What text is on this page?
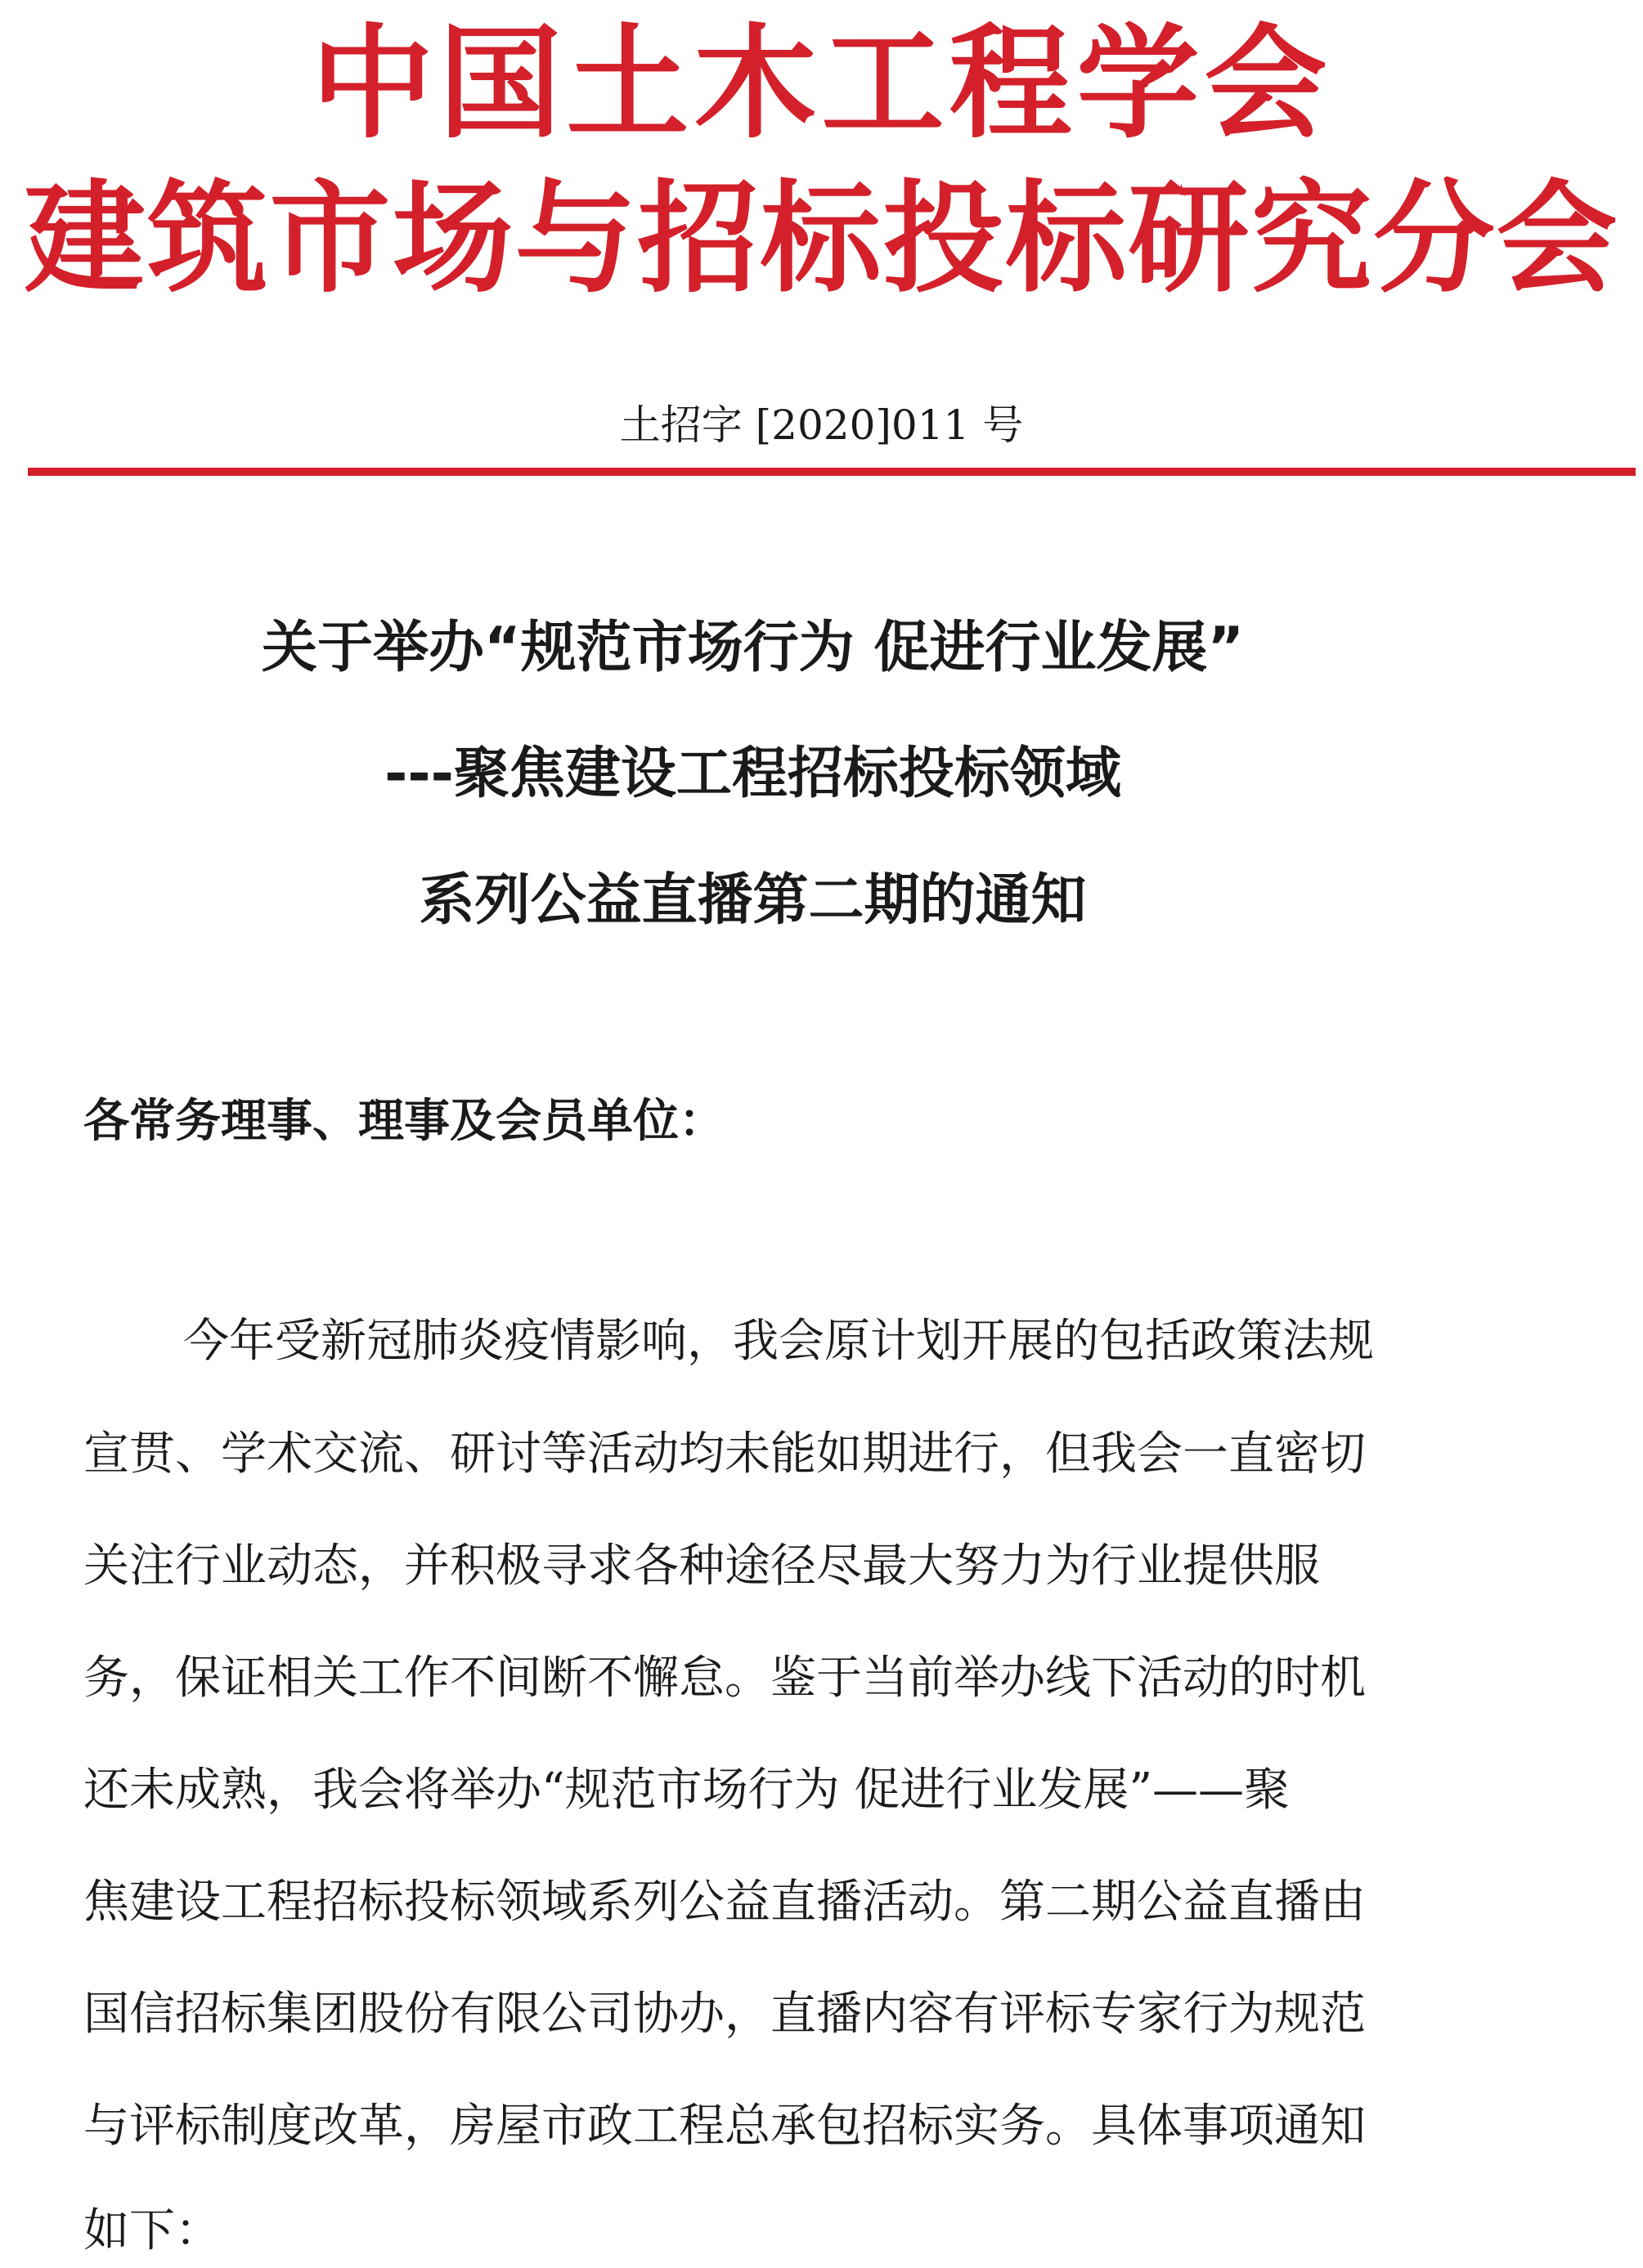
中国土木工程学会
建筑市场与招标投标研究分会
土招字 [2020]011 号
关于举办“规范市场行为 促进行业发展”
---聚焦建设工程招标投标领域
系列公益直播第二期的通知
各常务理事、理事及会员单位：
今年受新冠肺炎疫情影响，我会原计划开展的包括政策法规
宣贯、学术交流、研讨等活动均未能如期进行，但我会一直密切
关注行业动态，并积极寻求各种途径尽最大努力为行业提供服
务，保证相关工作不间断不懈怠。鉴于当前举办线下活动的时机
还未成熟，我会将举办“规范市场行为 促进行业发展”——聚
焦建设工程招标投标领域系列公益直播活动。第二期公益直播由
国信招标集团股份有限公司协办，直播内容有评标专家行为规范
与评标制度改革，房屋市政工程总承包招标实务。具体事项通知
如下：
